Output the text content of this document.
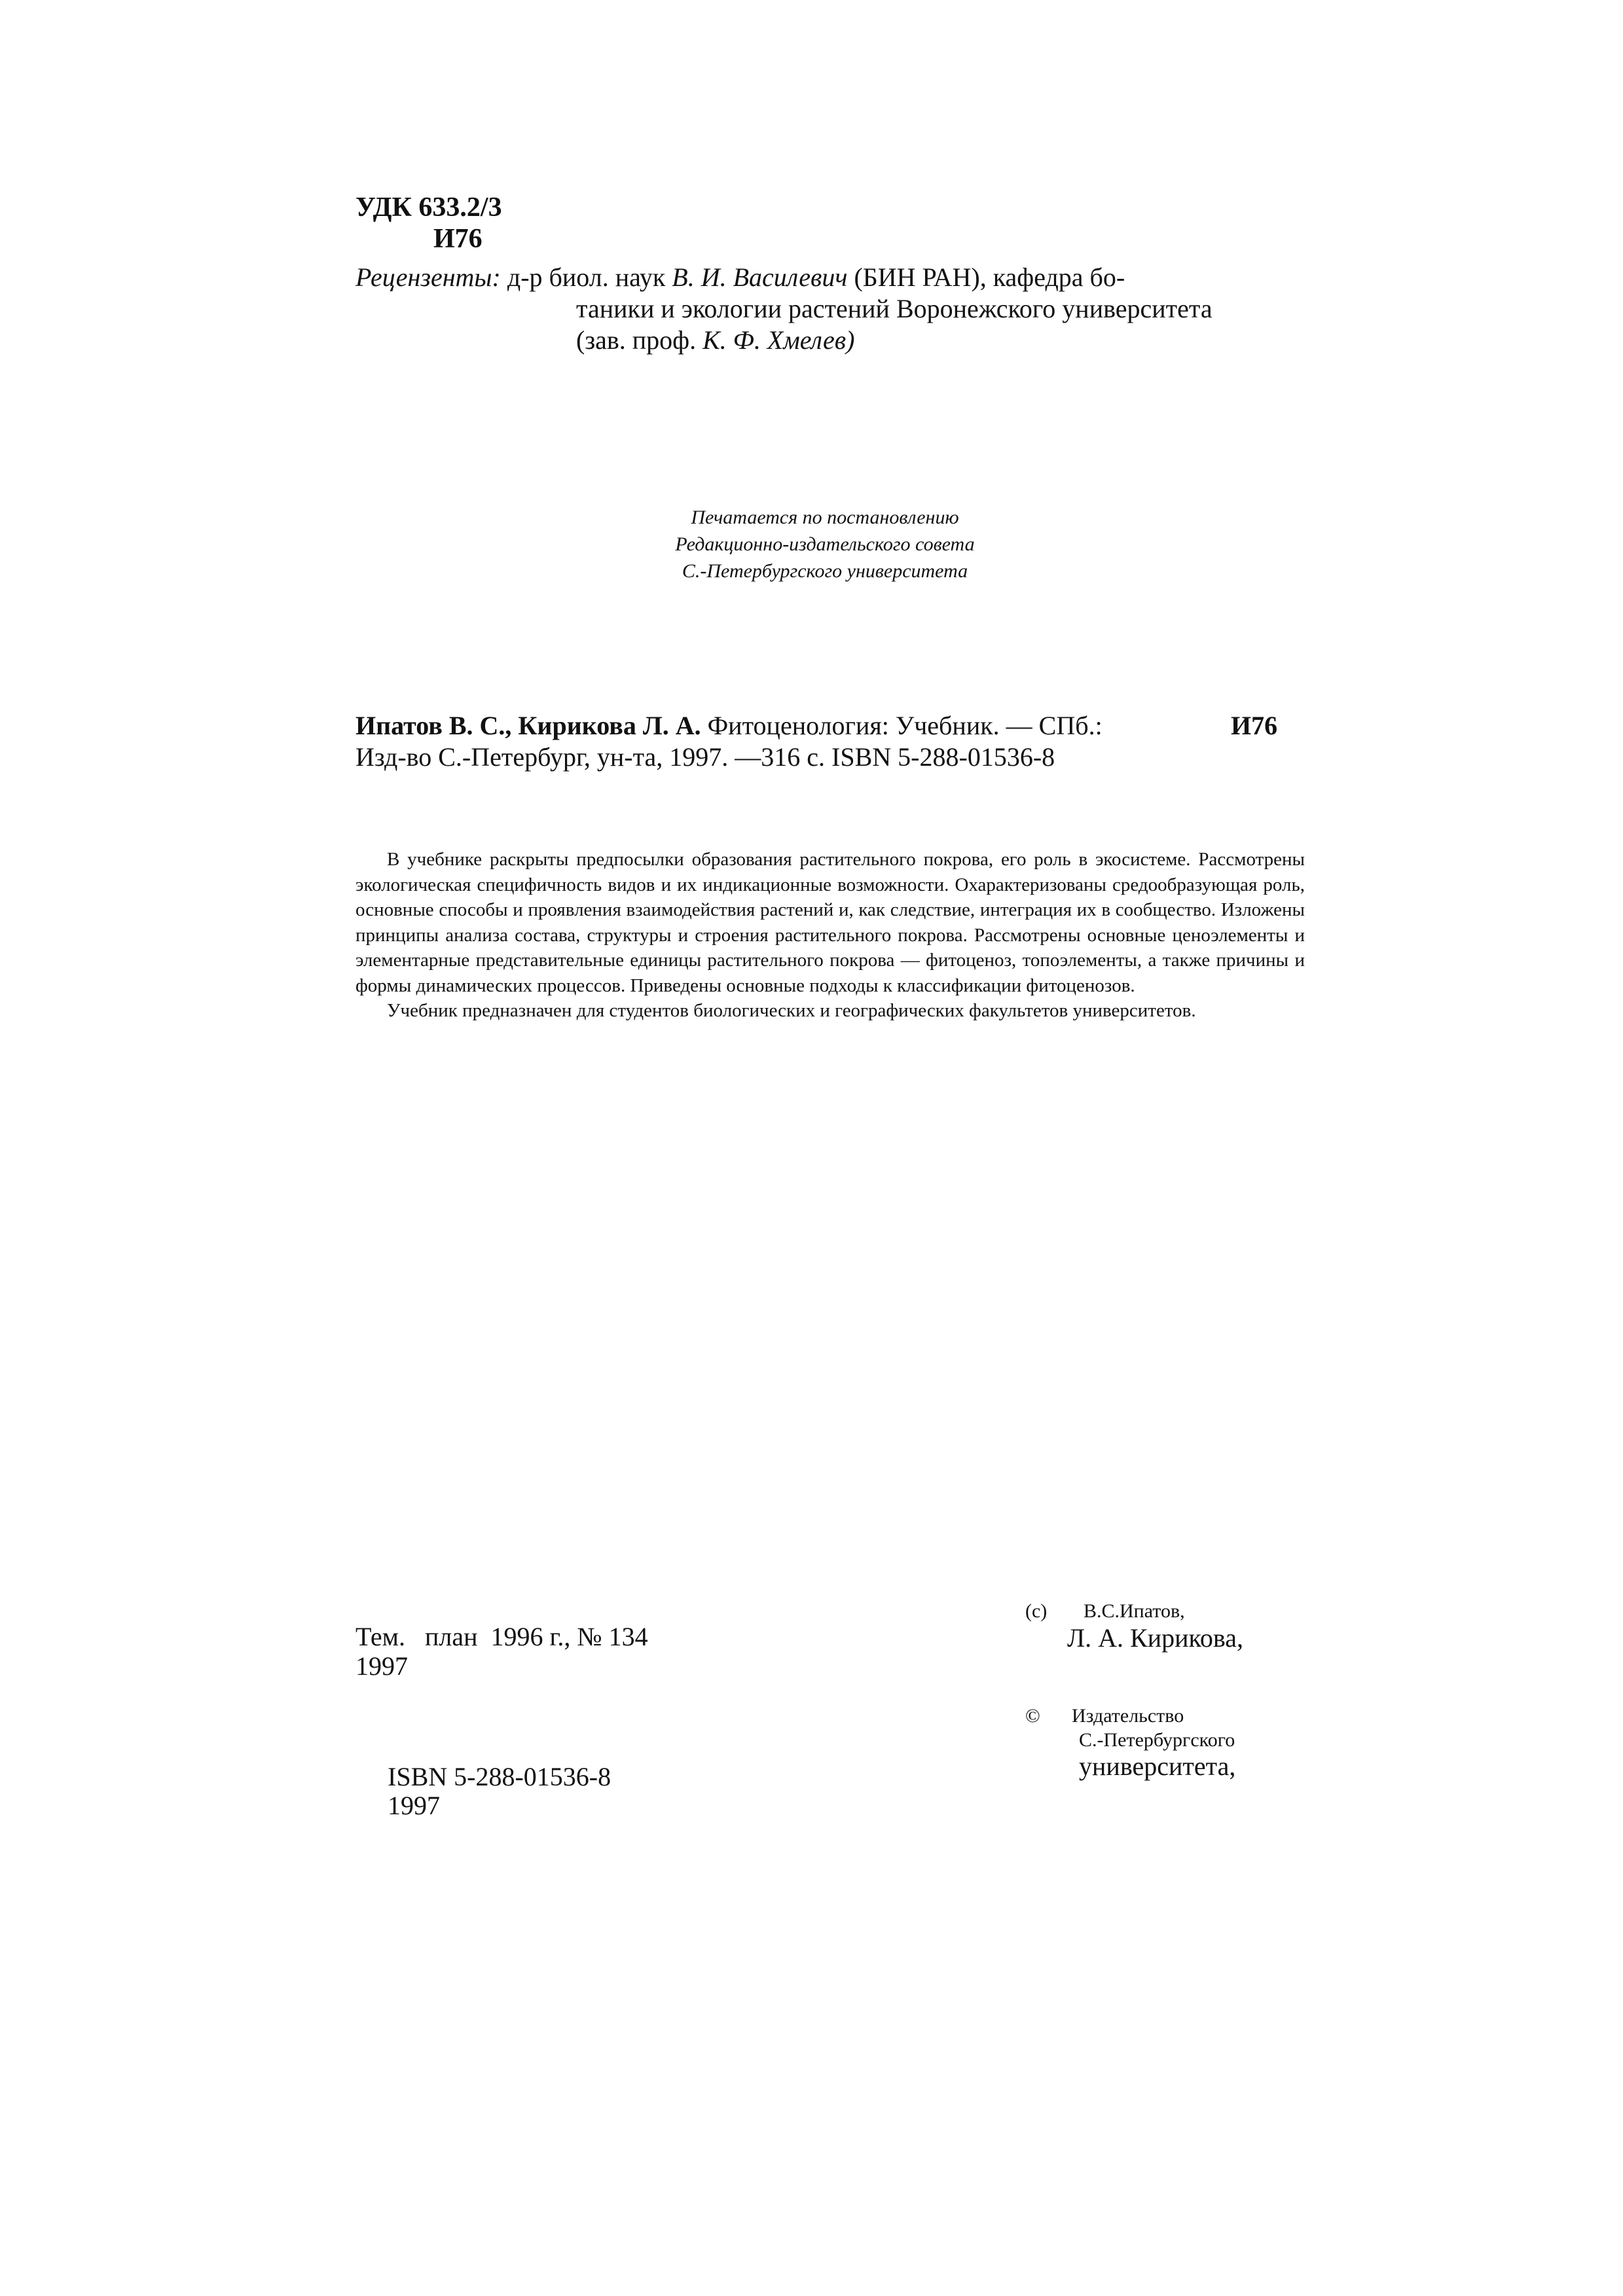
УДК 633.2/3
И76
Рецензенты: д-р биол. наук В. И. Василевич (БИН РАН), кафедра бо-
таники и экологии растений Воронежского университета
(зав. проф. К. Ф. Хмелев)
Печатается по постановлению
Редакционно-издательского совета
С.-Петербургского университета
Ипатов В. С., Кирикова Л. А. Фитоценология: Учебник. — СПб.:	И76
Изд-во С.-Петербург, ун-та, 1997. —316 с. ISBN 5-288-01536-8

В учебнике раскрыты предпосылки образования растительного покрова, его роль в экосистеме. Рассмотрены экологическая специфичность видов и их индикационные возможности. Охарактеризованы средообразующая роль, основные способы и проявления взаимодействия растений и, как следствие, интеграция их в сообщество. Изложены принципы анализа состава, структуры и строения растительного покрова. Рассмотрены основные ценоэлементы и элементарные представительные единицы растительного покрова — фитоценоз, топоэлементы, а также причины и формы динамических процессов. Приведены основные подходы к классификации фитоценозов.

Учебник предназначен для студентов биологических и географических факультетов университетов.

Тем.   план  1996 г., № 134
1997
ISBN 5-288-01536-8
1997
(с) В.С.Ипатов,
Л. А. Кирикова,
© Издательство
С.-Петербургского
университета,
